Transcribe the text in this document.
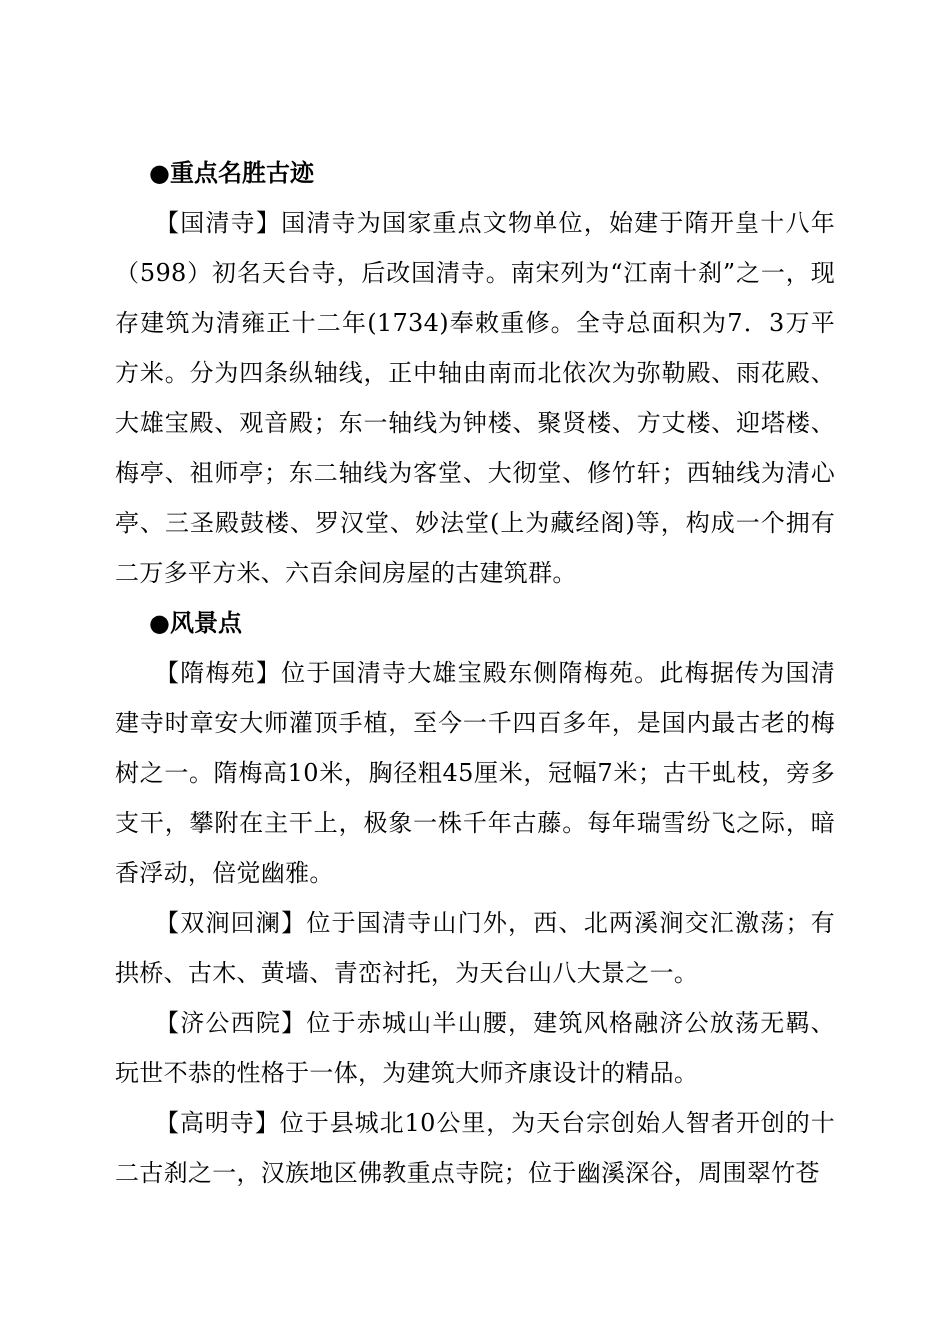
●重点名胜古迹

【国清寺】国清寺为国家重点文物单位，始建于隋开皇十八年（598）初名天台寺，后改国清寺。南宋列为“江南十刹”之一，现存建筑为清雍正十二年(1734)奉敕重修。全寺总面积为7．3万平方米。分为四条纵轴线，正中轴由南而北依次为弥勒殿、雨花殿、大雄宝殿、观音殿；东一轴线为钟楼、聚贤楼、方丈楼、迎塔楼、梅亭、祖师亭；东二轴线为客堂、大彻堂、修竹轩；西轴线为清心亭、三圣殿鼓楼、罗汉堂、妙法堂(上为藏经阁)等，构成一个拥有二万多平方米、六百余间房屋的古建筑群。

●风景点

【隋梅苑】位于国清寺大雄宝殿东侧隋梅苑。此梅据传为国清建寺时章安大师灌顶手植，至今一千四百多年，是国内最古老的梅树之一。隋梅高10米，胸径粗45厘米，冠幅7米；古干虬枝，旁多支干，攀附在主干上，极象一株千年古藤。每年瑞雪纷飞之际，暗香浮动，倍觉幽雅。

【双涧回澜】位于国清寺山门外，西、北两溪涧交汇激荡；有拱桥、古木、黄墙、青峦衬托，为天台山八大景之一。

【济公西院】位于赤城山半山腰，建筑风格融济公放荡无羁、玩世不恭的性格于一体，为建筑大师齐康设计的精品。

【高明寺】位于县城北10公里，为天台宗创始人智者开创的十二古刹之一，汉族地区佛教重点寺院；位于幽溪深谷，周围翠竹苍
